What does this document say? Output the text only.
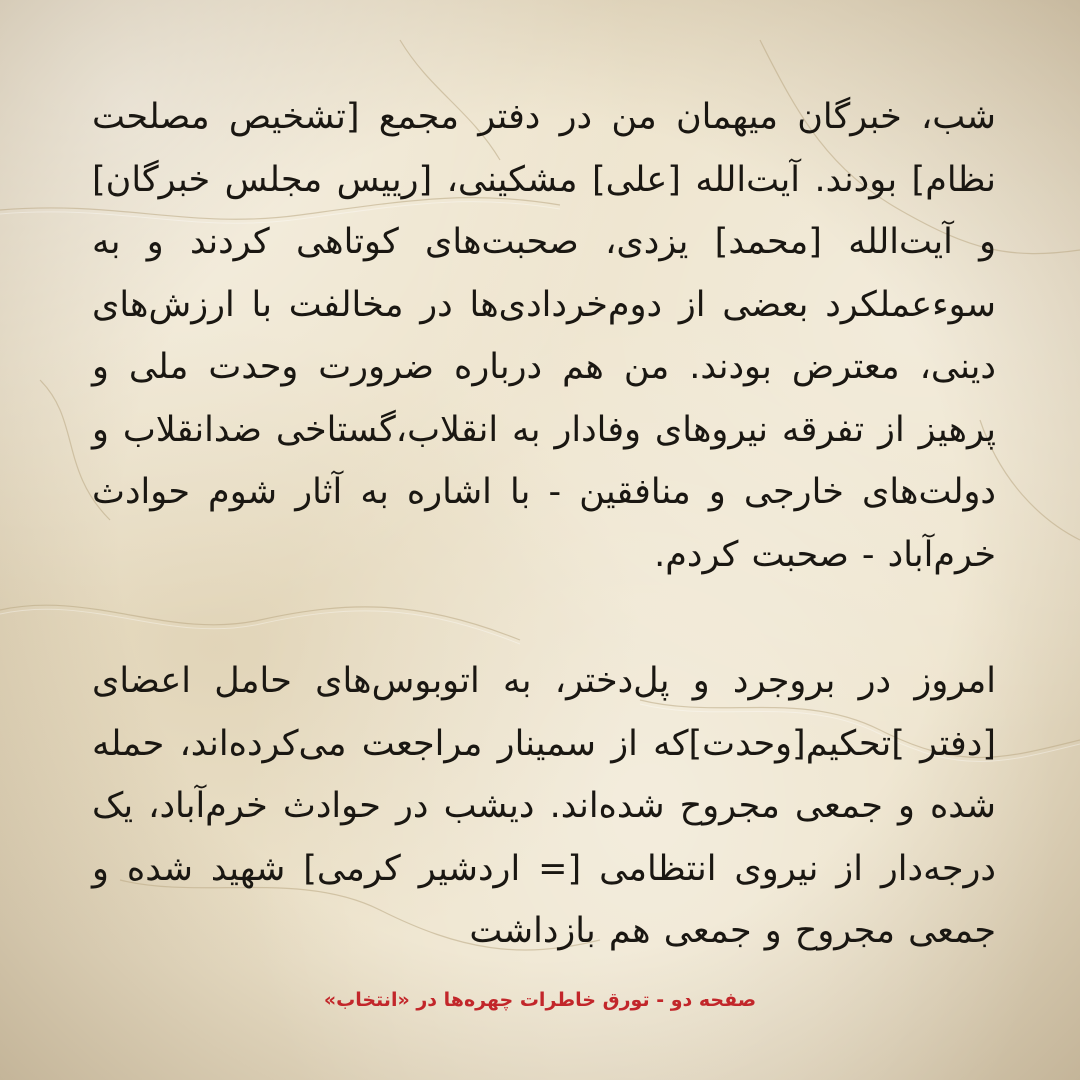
شب، خبرگان میهمان من در دفتر مجمع [تشخیص مصلحت نظام] بودند. آیت‌الله [علی] مشکینی، [رییس مجلس خبرگان] و آیت‌الله [محمد] یزدی، صحبت‌های کوتاهی کردند و به سوءعملکرد بعضی از دوم‌خردادی‌ها در مخالفت با ارزش‌های دینی، معترض بودند. من هم درباره ضرورت وحدت ملی و پرهیز از تفرقه نیروهای وفادار به انقلاب،گستاخی ضدانقلاب و دولت‌های خارجی و منافقین - با اشاره به آثار شوم حوادث خرم‌آباد - صحبت کردم.

امروز در بروجرد و پل‌دختر، به اتوبوس‌های حامل اعضای [دفتر ]تحکیم[وحدت]که از سمینار مراجعت می‌کرده‌اند، حمله شده و جمعی مجروح شده‌اند. دیشب در حوادث خرم‌آباد، یک درجه‌دار از نیروی انتظامی [= اردشیر کرمی] شهید شده و جمعی مجروح و جمعی هم بازداشت

صفحه دو - تورق خاطرات چهره‌ها در «انتخاب»
